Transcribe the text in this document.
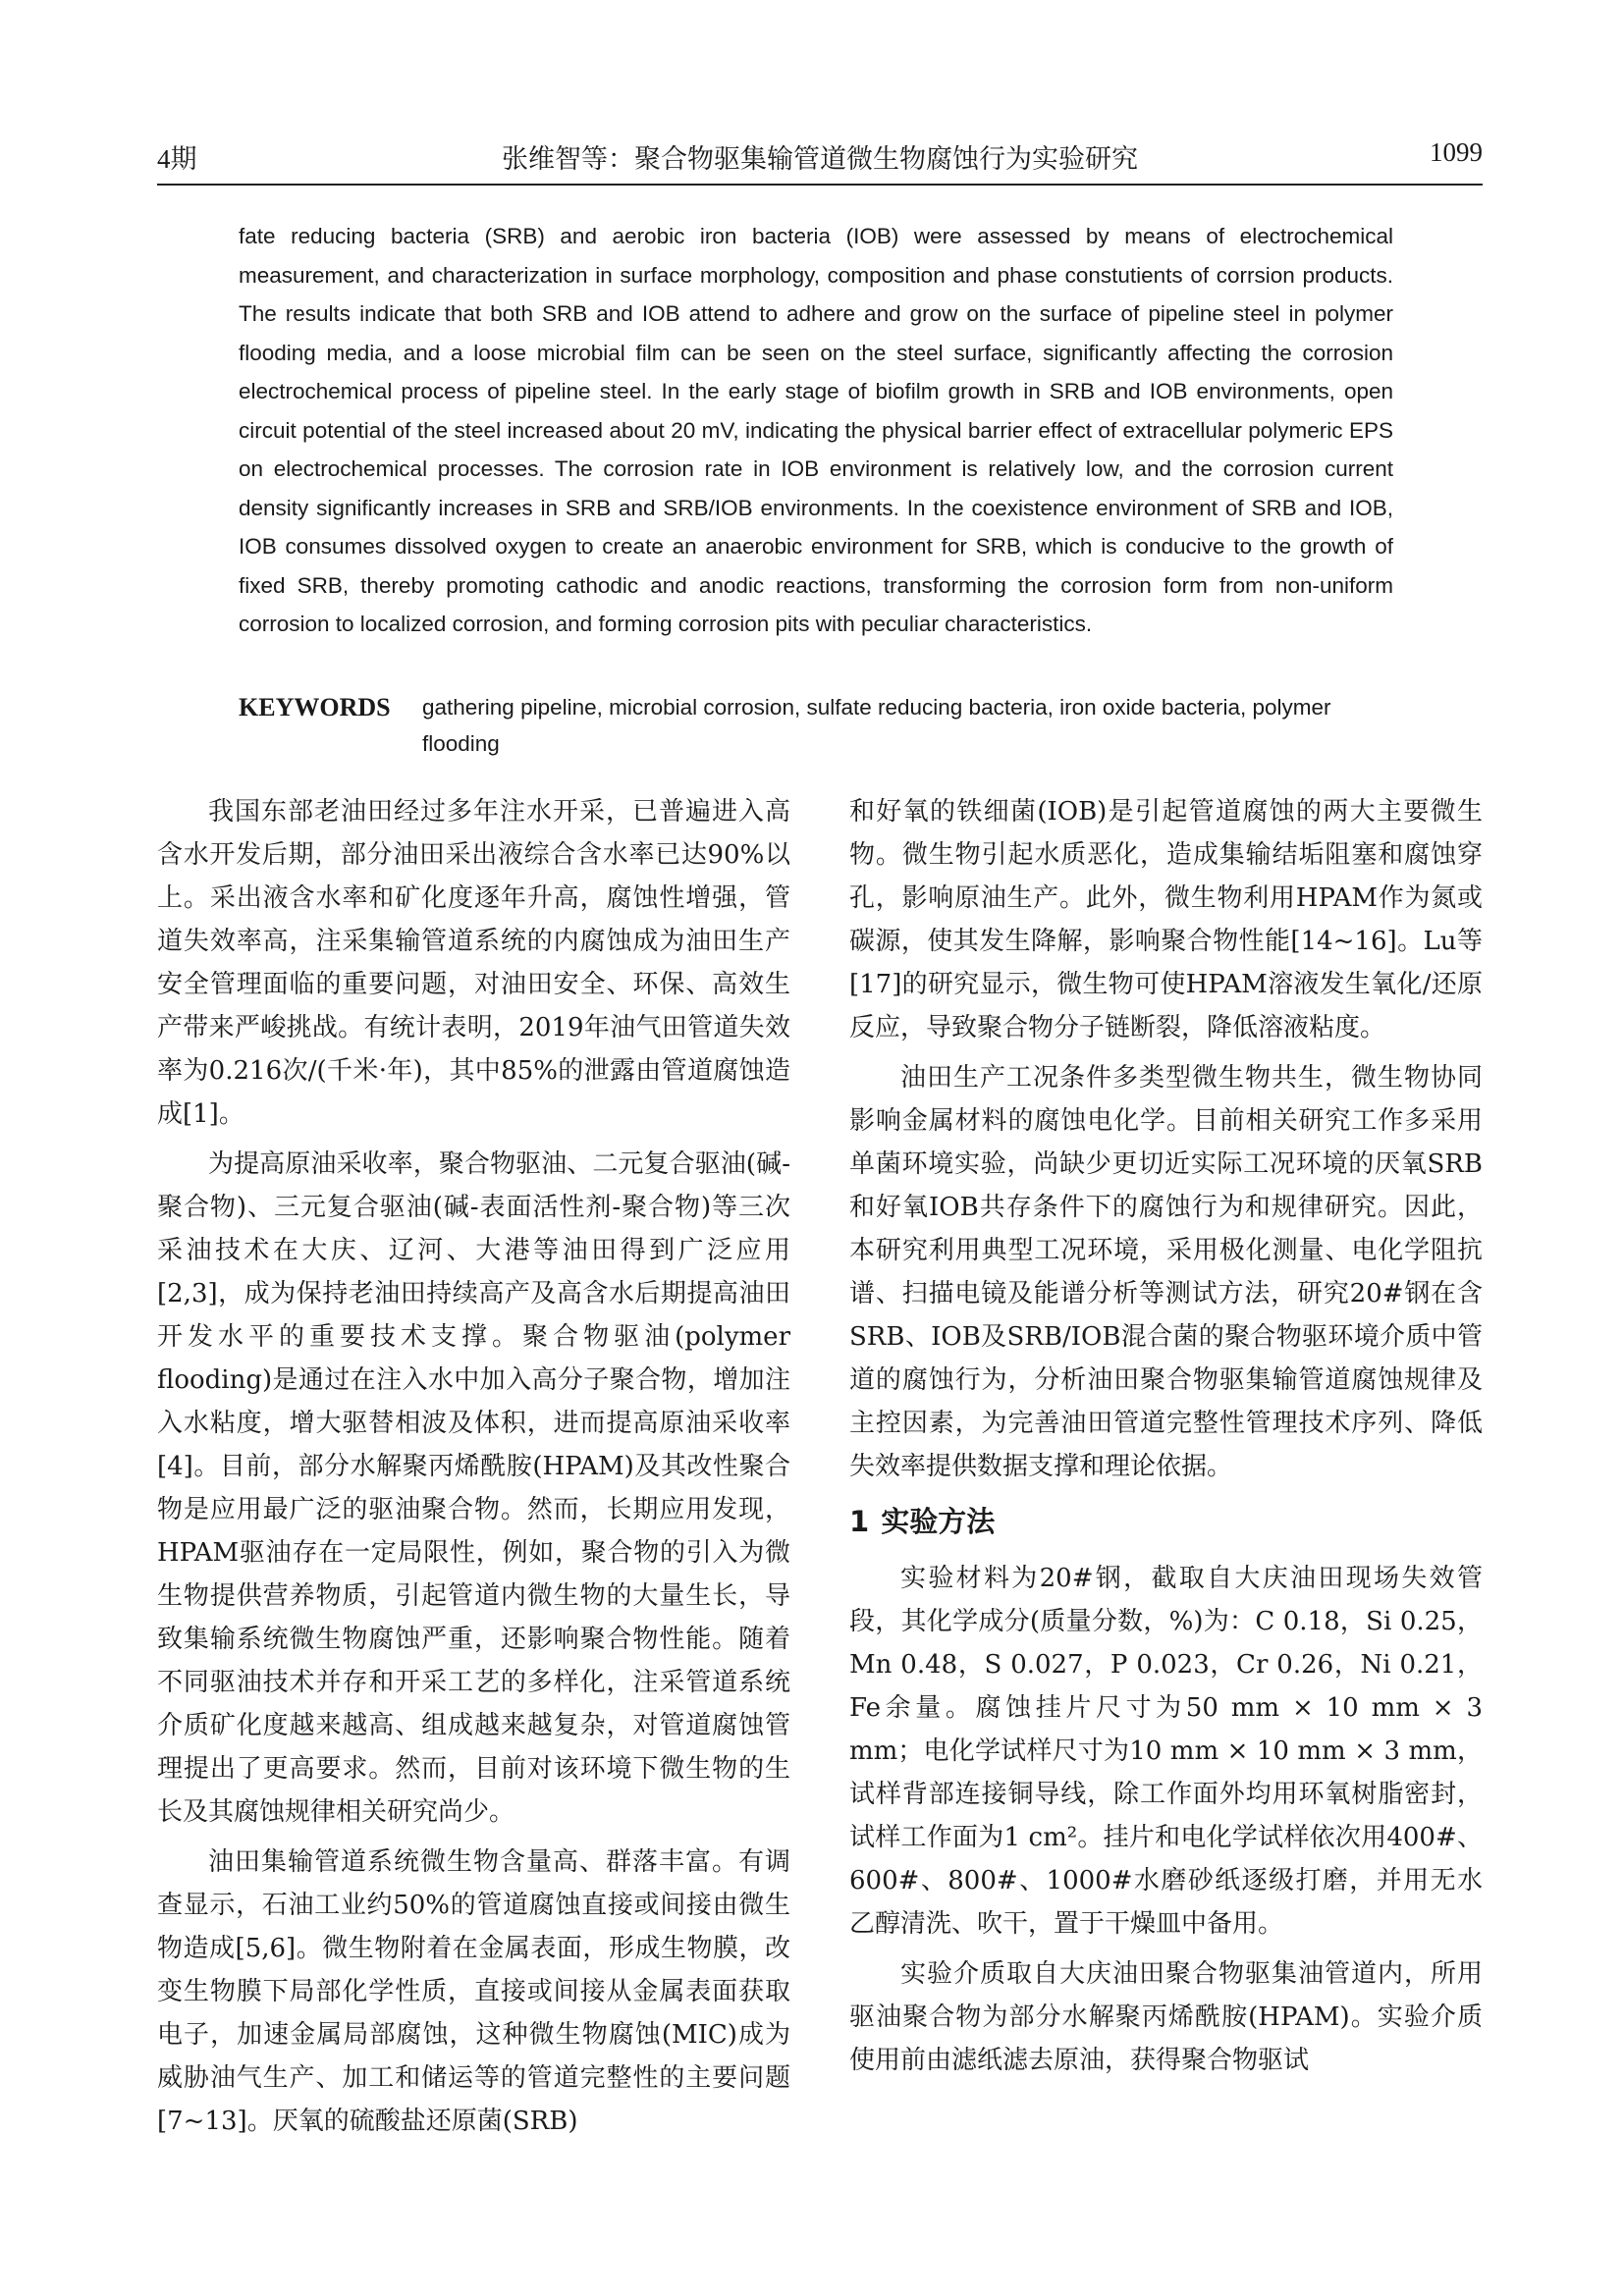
4期	张维智等：聚合物驱集输管道微生物腐蚀行为实验研究	1099

fate reducing bacteria (SRB) and aerobic iron bacteria (IOB) were assessed by means of electrochemical measurement, and characterization in surface morphology, composition and phase constutients of corrsion products. The results indicate that both SRB and IOB attend to adhere and grow on the surface of pipeline steel in polymer flooding media, and a loose microbial film can be seen on the steel surface, significantly affecting the corrosion electrochemical process of pipeline steel. In the early stage of biofilm growth in SRB and IOB environments, open circuit potential of the steel increased about 20 mV, indicating the physical barrier effect of extracellular polymeric EPS on electrochemical processes. The corrosion rate in IOB environment is relatively low, and the corrosion current density significantly increases in SRB and SRB/IOB environments. In the coexistence environment of SRB and IOB, IOB consumes dissolved oxygen to create an anaerobic environment for SRB, which is conducive to the growth of fixed SRB, thereby promoting cathodic and anodic reactions, transforming the corrosion form from non-uniform corrosion to localized corrosion, and forming corrosion pits with peculiar characteristics.

KEYWORDS gathering pipeline, microbial corrosion, sulfate reducing bacteria, iron oxide bacteria, polymer flooding

我国东部老油田经过多年注水开采，已普遍进入高含水开发后期，部分油田采出液综合含水率已达90%以上。采出液含水率和矿化度逐年升高，腐蚀性增强，管道失效率高，注采集输管道系统的内腐蚀成为油田生产安全管理面临的重要问题，对油田安全、环保、高效生产带来严峻挑战。有统计表明，2019年油气田管道失效率为0.216次/(千米·年)，其中85%的泄露由管道腐蚀造成[1]。

为提高原油采收率，聚合物驱油、二元复合驱油(碱-聚合物)、三元复合驱油(碱-表面活性剂-聚合物)等三次采油技术在大庆、辽河、大港等油田得到广泛应用[2,3]，成为保持老油田持续高产及高含水后期提高油田开发水平的重要技术支撑。聚合物驱油(polymer flooding)是通过在注入水中加入高分子聚合物，增加注入水粘度，增大驱替相波及体积，进而提高原油采收率[4]。目前，部分水解聚丙烯酰胺(HPAM)及其改性聚合物是应用最广泛的驱油聚合物。然而，长期应用发现，HPAM驱油存在一定局限性，例如，聚合物的引入为微生物提供营养物质，引起管道内微生物的大量生长，导致集输系统微生物腐蚀严重，还影响聚合物性能。随着不同驱油技术并存和开采工艺的多样化，注采管道系统介质矿化度越来越高、组成越来越复杂，对管道腐蚀管理提出了更高要求。然而，目前对该环境下微生物的生长及其腐蚀规律相关研究尚少。

油田集输管道系统微生物含量高、群落丰富。有调查显示，石油工业约50%的管道腐蚀直接或间接由微生物造成[5,6]。微生物附着在金属表面，形成生物膜，改变生物膜下局部化学性质，直接或间接从金属表面获取电子，加速金属局部腐蚀，这种微生物腐蚀(MIC)成为威胁油气生产、加工和储运等的管道完整性的主要问题[7~13]。厌氧的硫酸盐还原菌(SRB)

和好氧的铁细菌(IOB)是引起管道腐蚀的两大主要微生物。微生物引起水质恶化，造成集输结垢阻塞和腐蚀穿孔，影响原油生产。此外，微生物利用HPAM作为氮或碳源，使其发生降解，影响聚合物性能[14~16]。Lu等[17]的研究显示，微生物可使HPAM溶液发生氧化/还原反应，导致聚合物分子链断裂，降低溶液粘度。

油田生产工况条件多类型微生物共生，微生物协同影响金属材料的腐蚀电化学。目前相关研究工作多采用单菌环境实验，尚缺少更切近实际工况环境的厌氧SRB和好氧IOB共存条件下的腐蚀行为和规律研究。因此，本研究利用典型工况环境，采用极化测量、电化学阻抗谱、扫描电镜及能谱分析等测试方法，研究20#钢在含SRB、IOB及SRB/IOB混合菌的聚合物驱环境介质中管道的腐蚀行为，分析油田聚合物驱集输管道腐蚀规律及主控因素，为完善油田管道完整性管理技术序列、降低失效率提供数据支撑和理论依据。

1 实验方法

实验材料为20#钢，截取自大庆油田现场失效管段，其化学成分(质量分数，%)为：C 0.18，Si 0.25，Mn 0.48，S 0.027，P 0.023，Cr 0.26，Ni 0.21，Fe余量。腐蚀挂片尺寸为50 mm × 10 mm × 3 mm；电化学试样尺寸为10 mm × 10 mm × 3 mm，试样背部连接铜导线，除工作面外均用环氧树脂密封，试样工作面为1 cm²。挂片和电化学试样依次用400#、600#、800#、1000#水磨砂纸逐级打磨，并用无水乙醇清洗、吹干，置于干燥皿中备用。

实验介质取自大庆油田聚合物驱集油管道内，所用驱油聚合物为部分水解聚丙烯酰胺(HPAM)。实验介质使用前由滤纸滤去原油，获得聚合物驱试
